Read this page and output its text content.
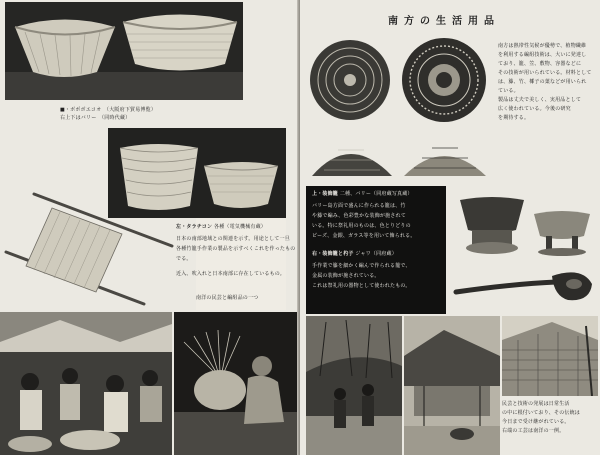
■・ボポボエコオ　（大阪府下貿易博覧）
右上下はバリー　（同時代蔵）
左・タラチコン 各種（電気機械有蔵）
日本の南部地域との関連を示す。用途として一旦
各種竹籠手作業の製品を示すべくこれを作ったもの
でる。
近入、吹入れと日本南部に存在しているもの。
南洋の民芸と編組品の一つ
南方の生活用品
南方は熱帯性気候が優勢で、植物繊維
を利用する編組技術は、大いに発達し
ており、籠、笠、敷物、容器などに
その技術が用いられている。材料として
は、籐、竹、椰子の葉などが用いられ
ている。
製品は丈夫で美しく、実用品として
広く使われている。今後の研究
を期待する。
上・装飾籠 二種、バリー（同府蔵写真蔵）
バリー島方面で盛んに作られる籠は、竹
や籐で編み、色彩豊かな装飾が施されて
いる。特に祭礼用のものは、色とりどりの
ビーズ、金銀、ガラス等を用いて飾られる。
右・装飾籠と杓子 ジャワ（同府蔵）
手作業で籐を細かく編んで作られる籠で、
金属の装飾が施されている。
これは祭礼用の器物として使われたもの。
民芸と技術の発展は日常生活
の中に根付いており、その伝統は
今日まで受け継がれている。
右端の工芸は南洋の一例。
